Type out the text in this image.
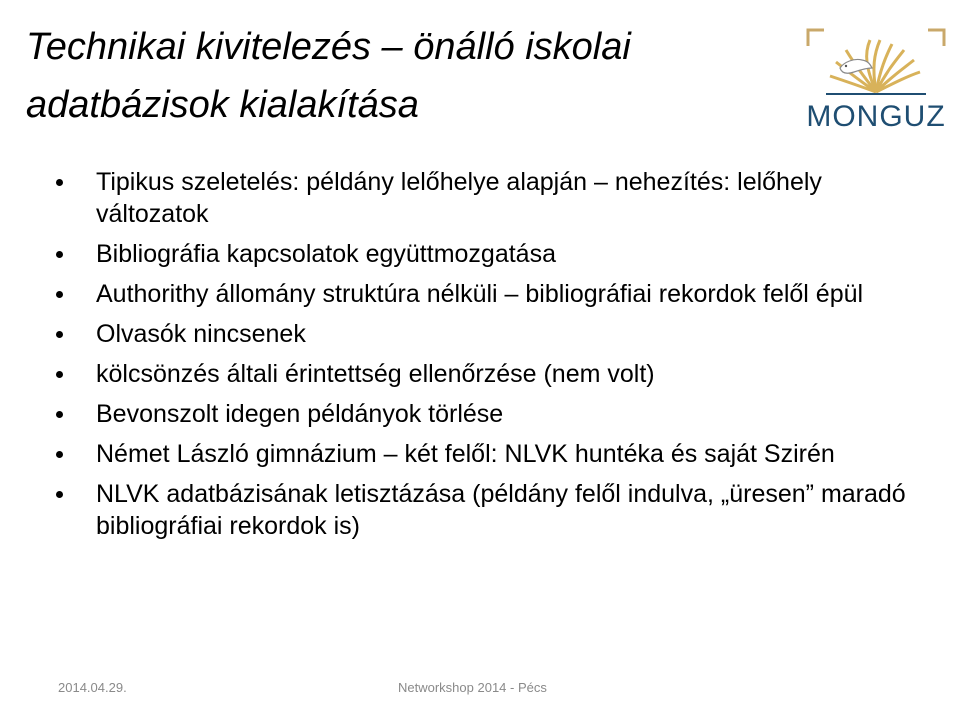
Technikai kivitelezés – önálló iskolai
adatbázisok kialakítása	MONGUZ
Tipikus szeletelés: példány lelőhelye alapján – nehezítés: lelőhely változatok
Bibliográfia kapcsolatok együttmozgatása
Authorithy állomány struktúra nélküli – bibliográfiai rekordok felől épül
Olvasók nincsenek
kölcsönzés általi érintettség ellenőrzése (nem volt)
Bevonszolt idegen példányok törlése
Német László gimnázium – két felől: NLVK huntéka és saját Szirén
NLVK adatbázisának letisztázása (példány felől indulva, „üresen” maradó bibliográfiai rekordok is)
2014.04.29.	Networkshop 2014 - Pécs
